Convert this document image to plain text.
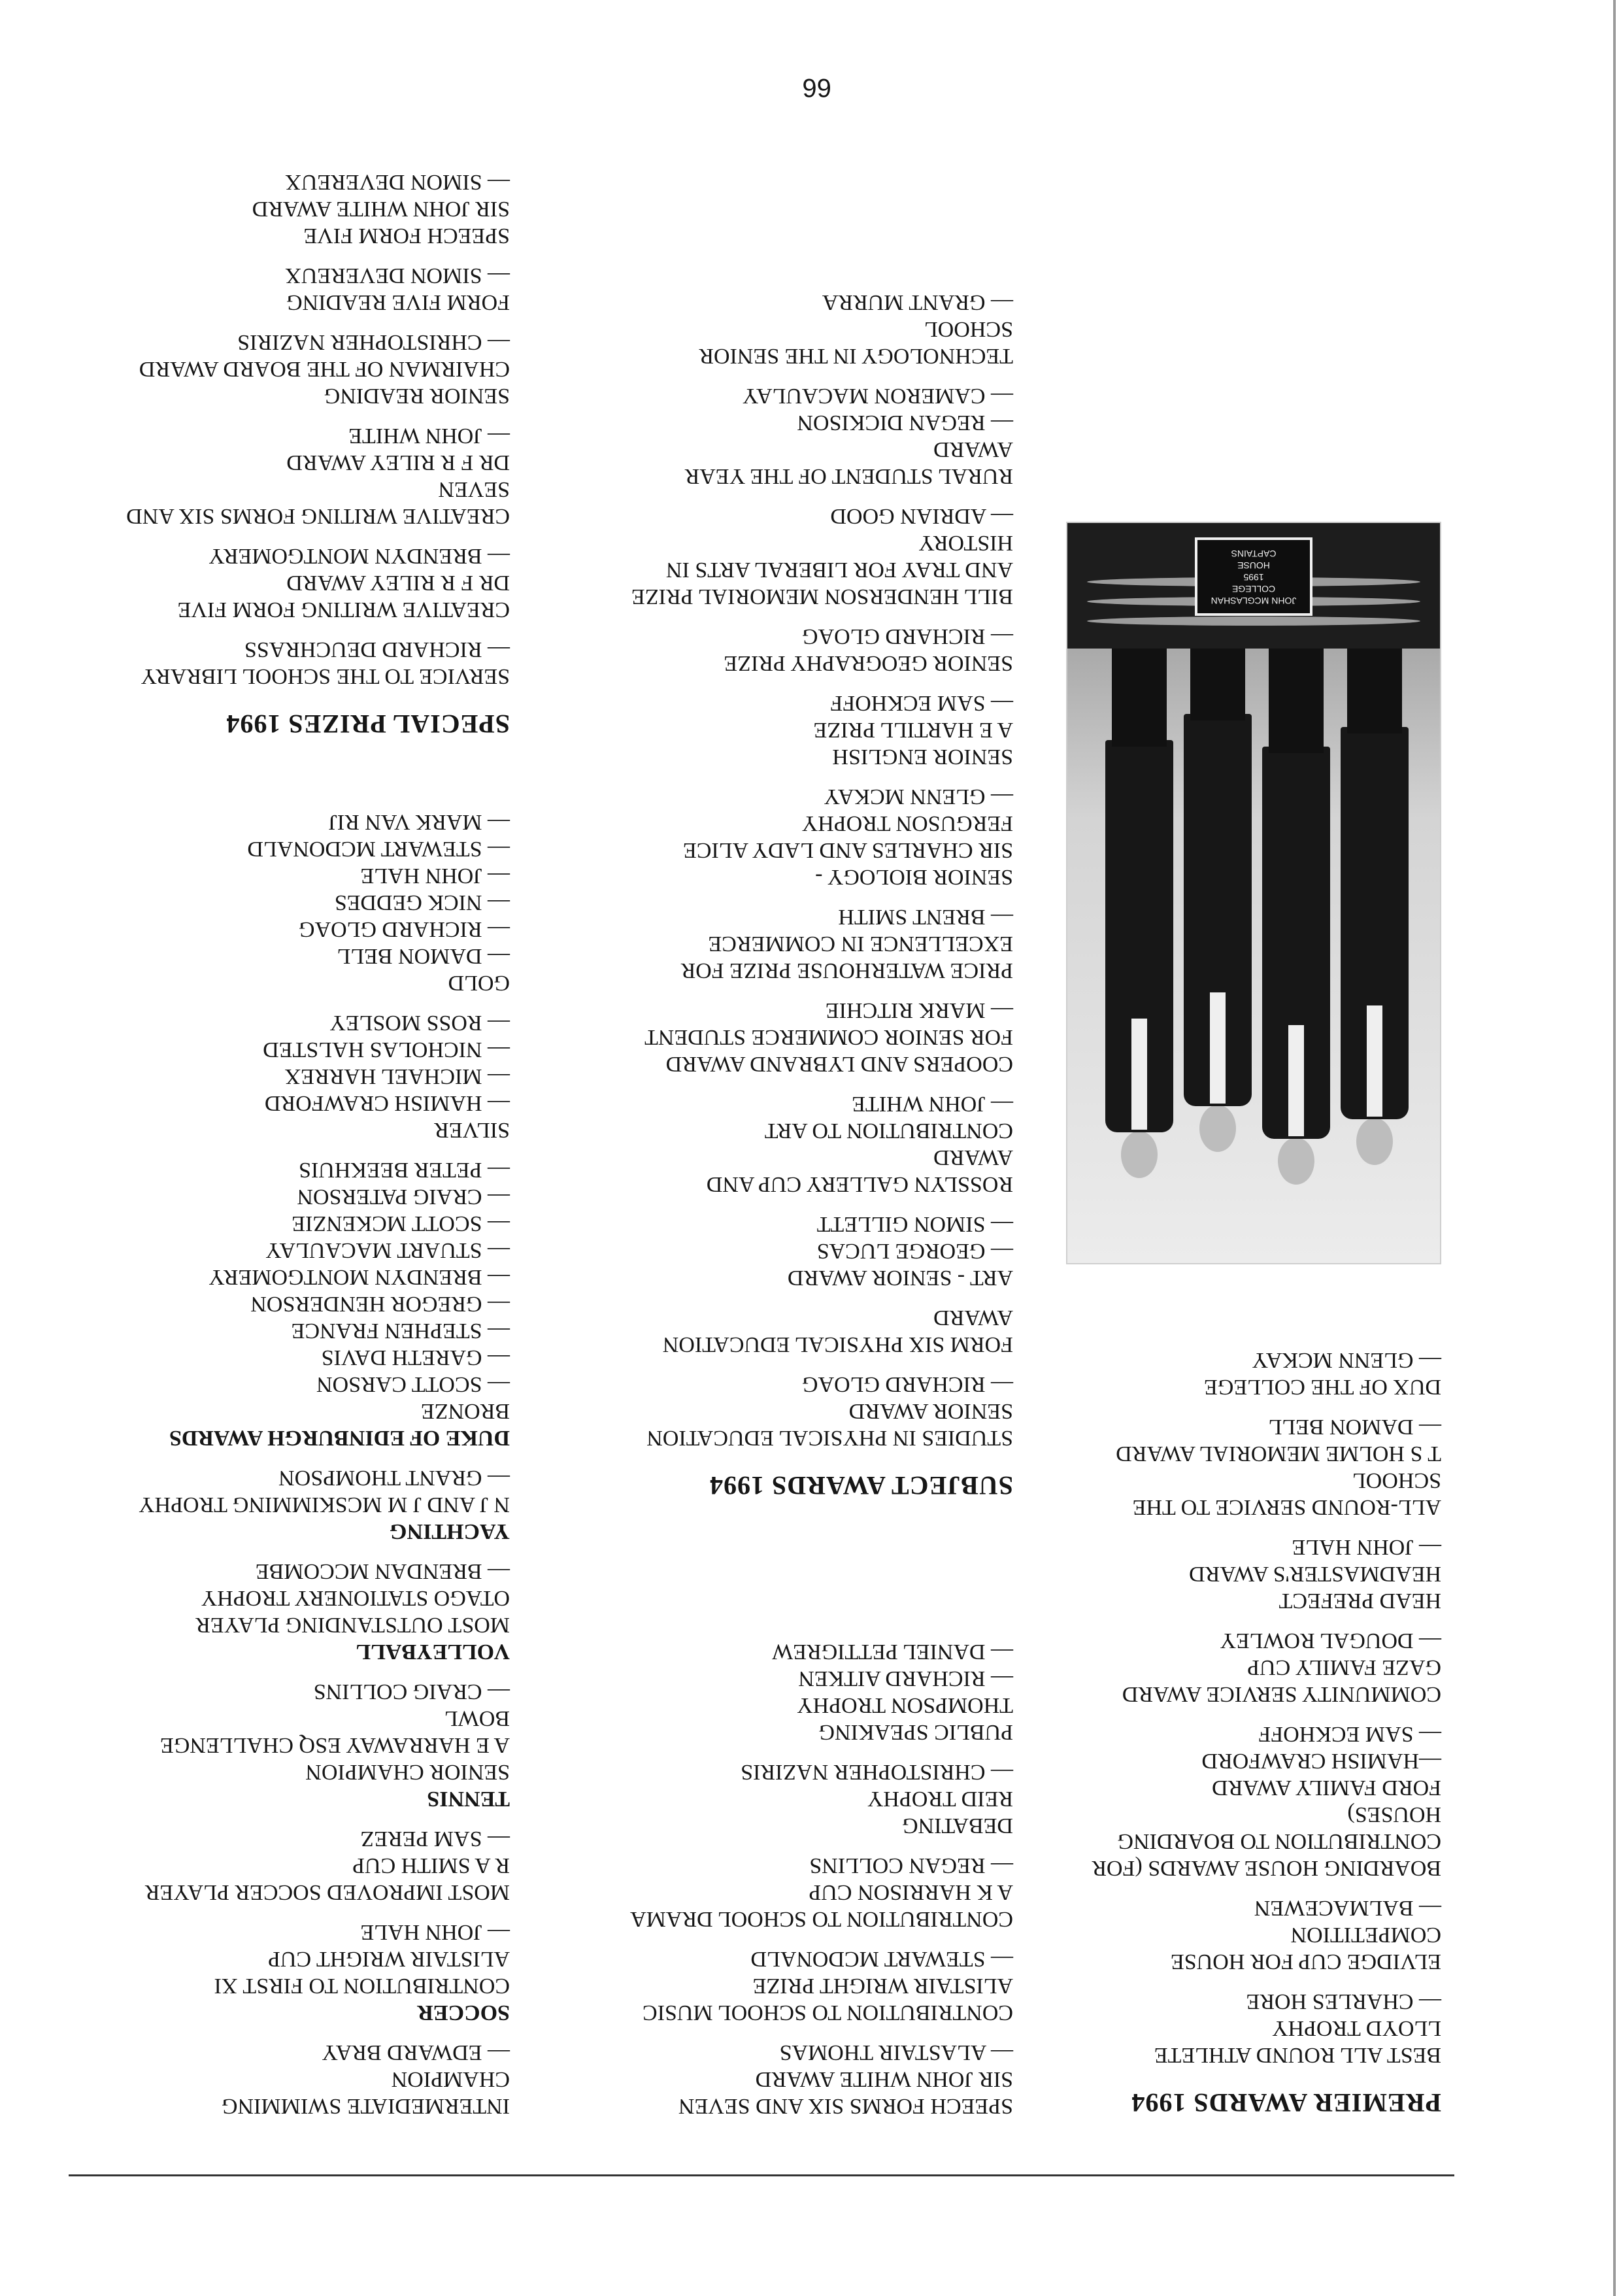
66

PREMIER AWARDS 1994

BEST ALL ROUND ATHLETE

LLOYD TROPHY

— CHARLES HORE

ELVIDGE CUP FOR HOUSE

COMPETITION

— BALMACEWEN

BOARDING HOUSE AWARDS (FOR

CONTRIBUTION TO BOARDING

HOUSES)

FORD FAMILY AWARD

—HAMISH CRAWFORD

— SAM ECKHOFF

COMMUNITY SERVICE AWARD

GAZE FAMILY CUP

— DOUGAL ROWLEY

HEAD PREFECT

HEADMASTER'S AWARD

— JOHN HALE

ALL-ROUND SERVICE TO THE

SCHOOL

T S HOLME MEMORIAL AWARD

— DAMON BELL

DUX OF THE COLLEGE

— GLENN MCKAY

JOHN MCGLASHAN
COLLEGE
1995
HOUSE
CAPTAINS

SPEECH FORMS SIX AND SEVEN

SIR JOHN WHITE AWARD

— ALASTAIR THOMAS

CONTRIBUTION TO SCHOOL MUSIC

ALISTAIR WRIGHT PRIZE

— STEWART MCDONALD

CONTRIBUTION TO SCHOOL DRAMA

A K HARRISON CUP

— REGAN COLLINS

DEBATING

REID TROPHY

— CHRISTOPHER NAZIRIS

PUBLIC SPEAKING

THOMPSON TROPHY

— RICHARD AITKEN

— DANIEL PETTIGREW

SUBJECT AWARDS 1994

STUDIES IN PHYSICAL EDUCATION

SENIOR AWARD

— RICHARD GLOAG

FORM SIX PHYSICAL EDUCATION

AWARD

ART - SENIOR AWARD

— GEORGE LUCAS

— SIMON GILLETT

ROSSLYN GALLERY CUP AND

AWARD

CONTRIBUTION TO ART

— JOHN WHITE

COOPERS AND LYBRAND AWARD

FOR SENIOR COMMERCE STUDENT

— MARK RITCHIE

PRICE WATERHOUSE PRIZE FOR

EXCELLENCE IN COMMERCE

— BRENT SMITH

SENIOR BIOLOGY -

SIR CHARLES AND LADY ALICE

FERGUSON TROPHY

— GLENN MCKAY

SENIOR ENGLISH

A E HARTILL PRIZE

— SAM ECKHOFF

SENIOR GEOGRAPHY PRIZE

— RICHARD GLOAG

BILL HENDERSON MEMORIAL PRIZE

AND TRAY FOR LIBERAL ARTS IN

HISTORY

— ADRIAN GOOD

RURAL STUDENT OF THE YEAR

AWARD

— REGAN DICKISON

— CAMERON MACAULAY

TECHNOLOGY IN THE SENIOR

SCHOOL

— GRANT MURRA

INTERMEDIATE SWIMMING

CHAMPION

— EDWARD BRAY

SOCCER

CONTRIBUTION TO FIRST XI

ALISTAIR WRIGHT CUP

— JOHN HALE

MOST IMPROVED SOCCER PLAYER

R A SMITH CUP

— SAM PEREZ

TENNIS

SENIOR CHAMPION

A E HARRAWAY ESQ CHALLENGE

BOWL

— CRAIG COLLINS

VOLLEYBALL

MOST OUTSTANDING PLAYER

OTAGO STATIONERY TROPHY

— BRENDAN MCCOMBE

YACHTING

N J AND J M MCSKIMMING TROPHY

— GRANT THOMPSON

DUKE OF EDINBURGH AWARDS

BRONZE

— SCOTT CARSON

— GARETH DAVIS

— STEPHEN FRANCE

— GREGOR HENDERSON

— BRENDYN MONTGOMERY

— STUART MACAULAY

— SCOTT MCKENZIE

— CRAIG PATERSON

— PETER BEEKHUIS

SILVER

— HAMISH CRAWFORD

— MICHAEL HARREX

— NICHOLAS HALSTED

— ROSS MOSLEY

GOLD

— DAMON BELL

— RICHARD GLOAG

— NICK GEDDES

— JOHN HALE

— STEWART MCDONALD

— MARK VAN RIJ

SPECIAL PRIZES 1994

SERVICE TO THE SCHOOL LIBRARY

— RICHARD DEUCHRASS

CREATIVE WRITING FORM FIVE

DR F R RILEY AWARD

— BRENDYN MONTGOMERY

CREATIVE WRITING FORMS SIX AND

SEVEN

DR F R RILEY AWARD

— JOHN WHITE

SENIOR READING

CHAIRMAN OF THE BOARD AWARD

— CHRISTOPHER NAZIRIS

FORM FIVE READING

— SIMON DEVEREUX

SPEECH FORM FIVE

SIR JOHN WHITE AWARD

— SIMON DEVEREUX
